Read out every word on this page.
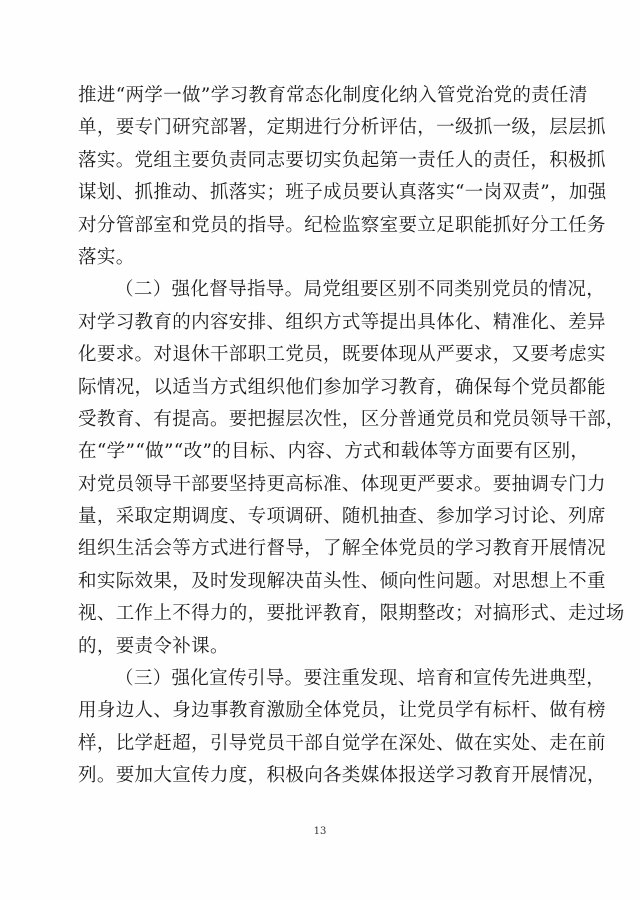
推进“两学一做”学习教育常态化制度化纳入管党治党的责任清
单，要专门研究部署，定期进行分析评估，一级抓一级，层层抓
落实。党组主要负责同志要切实负起第一责任人的责任，积极抓
谋划、抓推动、抓落实；班子成员要认真落实“一岗双责”，加强
对分管部室和党员的指导。纪检监察室要立足职能抓好分工任务
落实。
（二）强化督导指导。局党组要区别不同类别党员的情况，
对学习教育的内容安排、组织方式等提出具体化、精准化、差异
化要求。对退休干部职工党员，既要体现从严要求，又要考虑实
际情况，以适当方式组织他们参加学习教育，确保每个党员都能
受教育、有提高。要把握层次性，区分普通党员和党员领导干部，
在“学”“做”“改”的目标、内容、方式和载体等方面要有区别，
对党员领导干部要坚持更高标准、体现更严要求。要抽调专门力
量，采取定期调度、专项调研、随机抽查、参加学习讨论、列席
组织生活会等方式进行督导，了解全体党员的学习教育开展情况
和实际效果，及时发现解决苗头性、倾向性问题。对思想上不重
视、工作上不得力的，要批评教育，限期整改；对搞形式、走过场
的，要责令补课。
（三）强化宣传引导。要注重发现、培育和宣传先进典型，
用身边人、身边事教育激励全体党员，让党员学有标杆、做有榜
样，比学赶超，引导党员干部自觉学在深处、做在实处、走在前
列。要加大宣传力度，积极向各类媒体报送学习教育开展情况，
13
